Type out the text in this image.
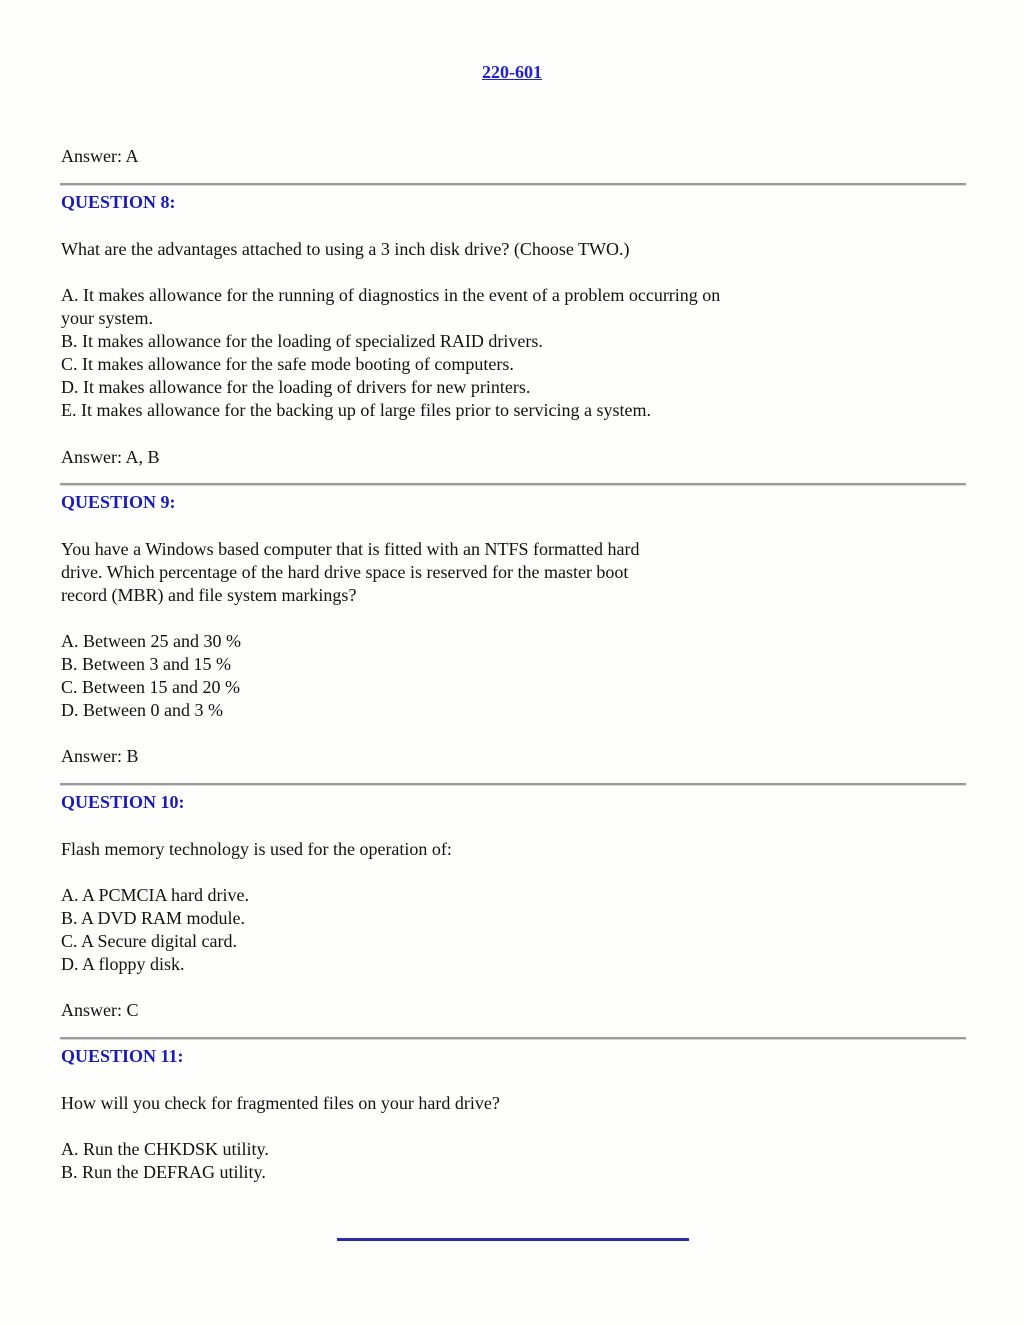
220-601
Answer: A
QUESTION 8:
What are the advantages attached to using a 3 inch disk drive? (Choose TWO.)
A. It makes allowance for the running of diagnostics in the event of a problem occurring on
your system.
B. It makes allowance for the loading of specialized RAID drivers.
C. It makes allowance for the safe mode booting of computers.
D. It makes allowance for the loading of drivers for new printers.
E. It makes allowance for the backing up of large files prior to servicing a system.
Answer: A, B
QUESTION 9:
You have a Windows based computer that is fitted with an NTFS formatted hard
drive. Which percentage of the hard drive space is reserved for the master boot
record (MBR) and file system markings?
A. Between 25 and 30 %
B. Between 3 and 15 %
C. Between 15 and 20 %
D. Between 0 and 3 %
Answer: B
QUESTION 10:
Flash memory technology is used for the operation of:
A. A PCMCIA hard drive.
B. A DVD RAM module.
C. A Secure digital card.
D. A floppy disk.
Answer: C
QUESTION 11:
How will you check for fragmented files on your hard drive?
A. Run the CHKDSK utility.
B. Run the DEFRAG utility.
